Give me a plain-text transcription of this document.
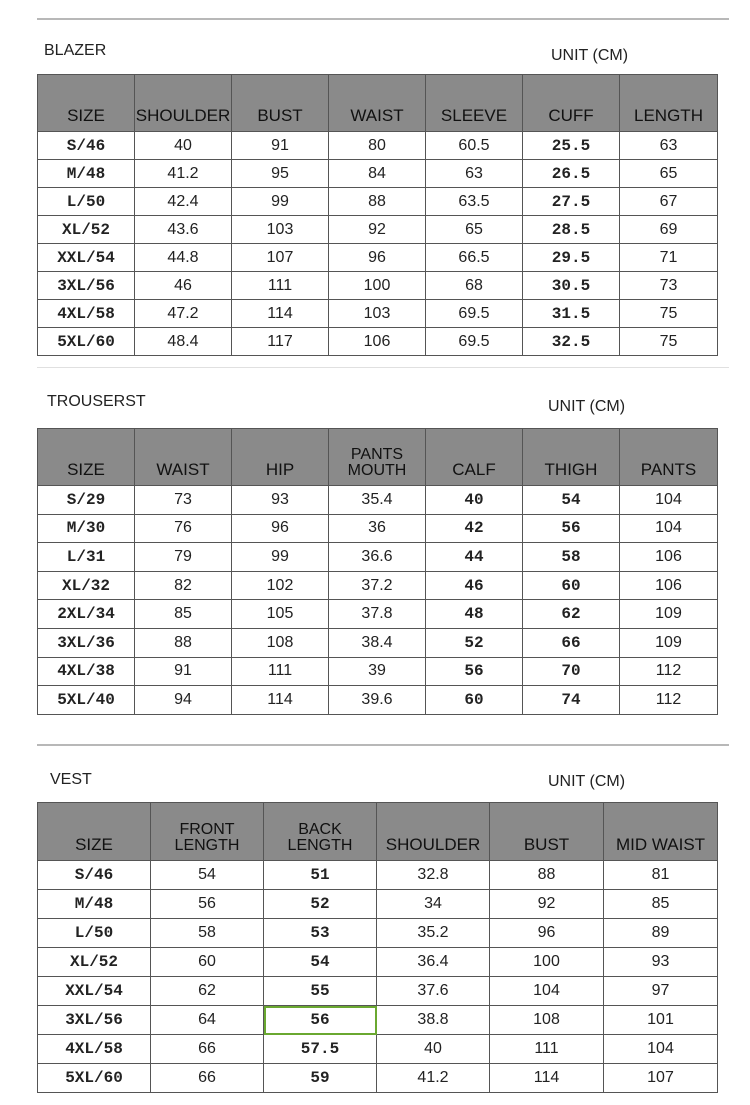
BLAZER	UNIT (CM)
SIZE	SHOULDER	BUST	WAIST	SLEEVE	CUFF	LENGTH
S/46	40	91	80	60.5	25.5	63
M/48	41.2	95	84	63	26.5	65
L/50	42.4	99	88	63.5	27.5	67
XL/52	43.6	103	92	65	28.5	69
XXL/54	44.8	107	96	66.5	29.5	71
3XL/56	46	111	100	68	30.5	73
4XL/58	47.2	114	103	69.5	31.5	75
5XL/60	48.4	117	106	69.5	32.5	75
TROUSERST	UNIT (CM)
SIZE	WAIST	HIP	PANTS MOUTH	CALF	THIGH	PANTS
S/29	73	93	35.4	40	54	104
M/30	76	96	36	42	56	104
L/31	79	99	36.6	44	58	106
XL/32	82	102	37.2	46	60	106
2XL/34	85	105	37.8	48	62	109
3XL/36	88	108	38.4	52	66	109
4XL/38	91	111	39	56	70	112
5XL/40	94	114	39.6	60	74	112
VEST	UNIT (CM)
SIZE	FRONT LENGTH	BACK LENGTH	SHOULDER	BUST	MID WAIST
S/46	54	51	32.8	88	81
M/48	56	52	34	92	85
L/50	58	53	35.2	96	89
XL/52	60	54	36.4	100	93
XXL/54	62	55	37.6	104	97
3XL/56	64	56	38.8	108	101
4XL/58	66	57.5	40	111	104
5XL/60	66	59	41.2	114	107
